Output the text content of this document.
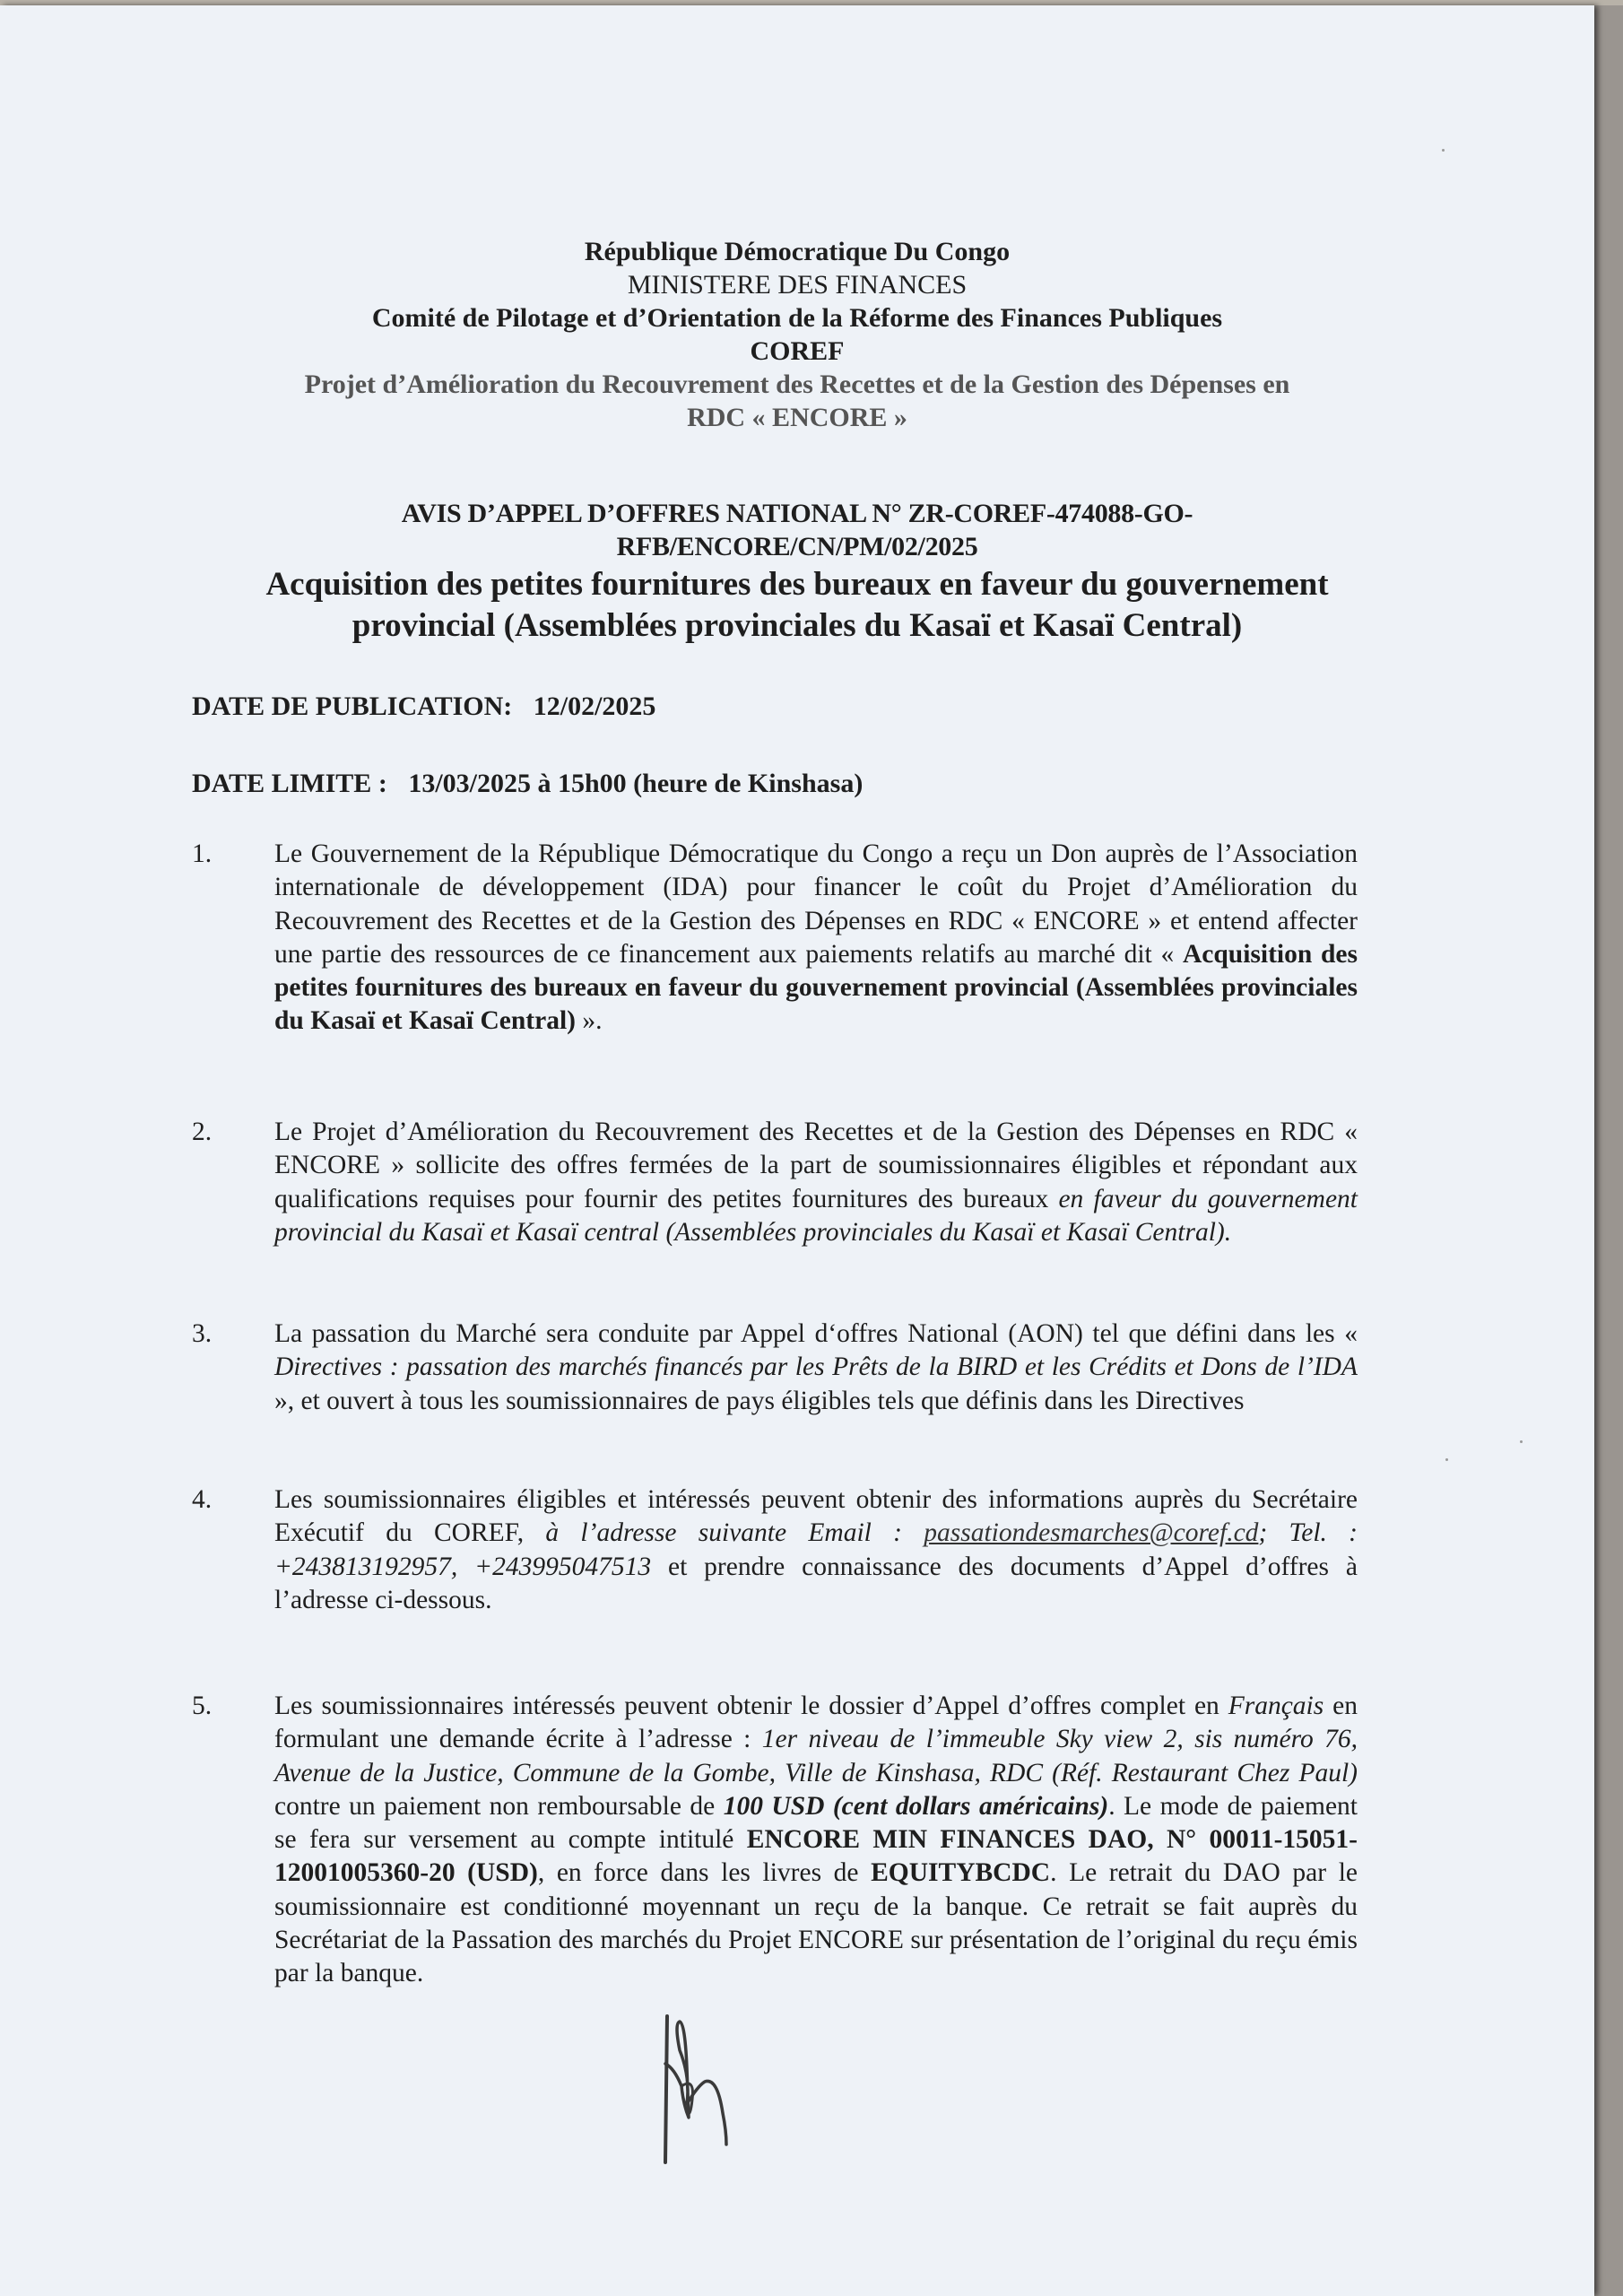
République Démocratique Du Congo
MINISTERE DES FINANCES
Comité de Pilotage et d’Orientation de la Réforme des Finances Publiques
COREF
Projet d’Amélioration du Recouvrement des Recettes et de la Gestion des Dépenses en
RDC « ENCORE »
AVIS D’APPEL D’OFFRES NATIONAL N° ZR-COREF-474088-GO-
RFB/ENCORE/CN/PM/02/2025
Acquisition des petites fournitures des bureaux en faveur du gouvernement
provincial (Assemblées provinciales du Kasaï et Kasaï Central)
DATE DE PUBLICATION: 12/02/2025
DATE LIMITE : 13/03/2025 à 15h00 (heure de Kinshasa)
1.	Le Gouvernement de la République Démocratique du Congo a reçu un Don auprès de l’Association internationale de développement (IDA) pour financer le coût du Projet d’Amélioration du Recouvrement des Recettes et de la Gestion des Dépenses en RDC « ENCORE » et entend affecter une partie des ressources de ce financement aux paiements relatifs au marché dit « Acquisition des petites fournitures des bureaux en faveur du gouvernement provincial (Assemblées provinciales du Kasaï et Kasaï Central) ».
2.	Le Projet d’Amélioration du Recouvrement des Recettes et de la Gestion des Dépenses en RDC « ENCORE » sollicite des offres fermées de la part de soumissionnaires éligibles et répondant aux qualifications requises pour fournir des petites fournitures des bureaux en faveur du gouvernement provincial du Kasaï et Kasaï central (Assemblées provinciales du Kasaï et Kasaï Central).
3.	La passation du Marché sera conduite par Appel d‘offres National (AON) tel que défini dans les « Directives : passation des marchés financés par les Prêts de la BIRD et les Crédits et Dons de l’IDA », et ouvert à tous les soumissionnaires de pays éligibles tels que définis dans les Directives
4.	Les soumissionnaires éligibles et intéressés peuvent obtenir des informations auprès du Secrétaire Exécutif du COREF, à l’adresse suivante Email : passationdesmarches@coref.cd; Tel. : +243813192957, +243995047513 et prendre connaissance des documents d’Appel d’offres à l’adresse ci-dessous.
5.	Les soumissionnaires intéressés peuvent obtenir le dossier d’Appel d’offres complet en Français en formulant une demande écrite à l’adresse : 1er niveau de l’immeuble Sky view 2, sis numéro 76, Avenue de la Justice, Commune de la Gombe, Ville de Kinshasa, RDC (Réf. Restaurant Chez Paul) contre un paiement non remboursable de 100 USD (cent dollars américains). Le mode de paiement se fera sur versement au compte intitulé ENCORE MIN FINANCES DAO, N° 00011-15051-12001005360-20 (USD), en force dans les livres de EQUITYBCDC. Le retrait du DAO par le soumissionnaire est conditionné moyennant un reçu de la banque. Ce retrait se fait auprès du Secrétariat de la Passation des marchés du Projet ENCORE sur présentation de l’original du reçu émis par la banque.
